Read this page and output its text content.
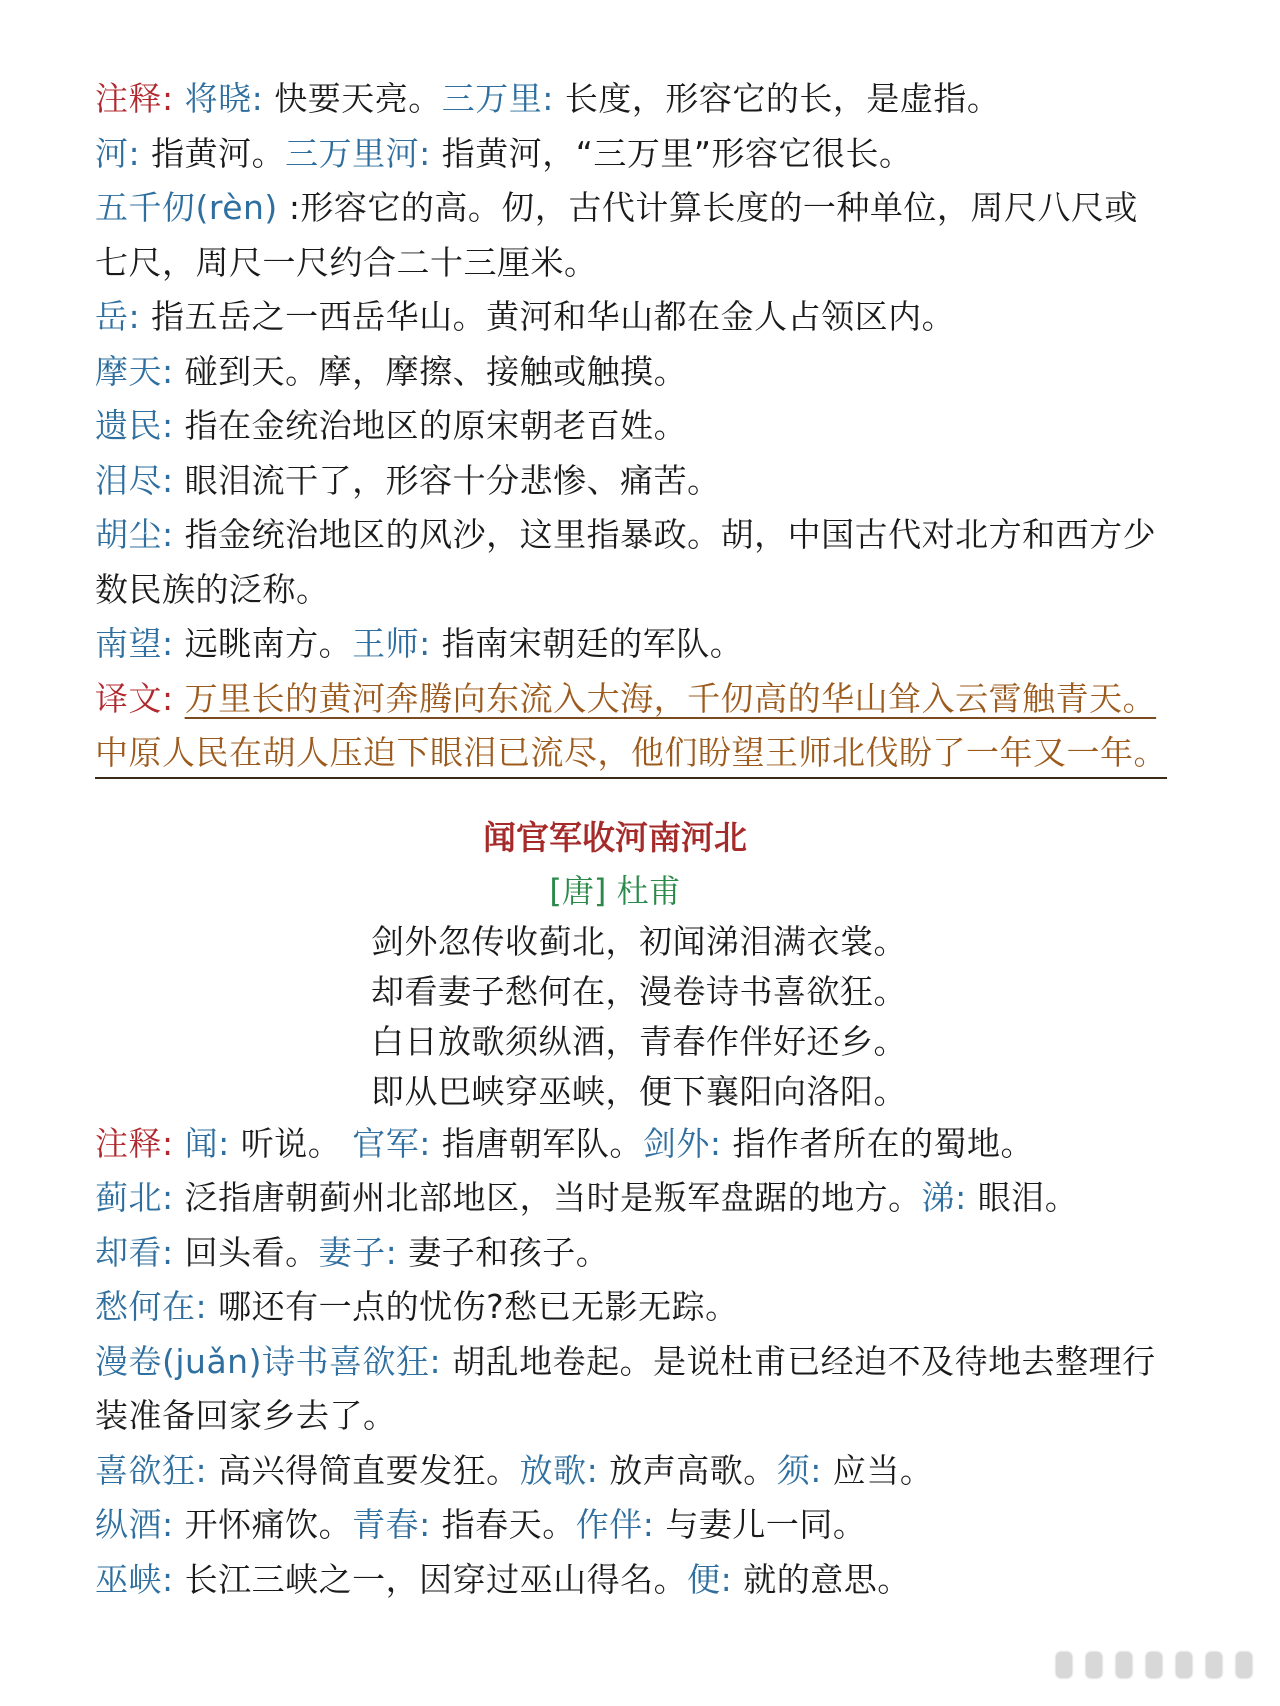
注释: 将晓: 快要天亮。三万里: 长度，形容它的长，是虚指。
河: 指黄河。三万里河: 指黄河，“三万里”形容它很长。
五千仞(rèn) :形容它的高。仞，古代计算长度的一种单位，周尺八尺或
七尺，周尺一尺约合二十三厘米。
岳: 指五岳之一西岳华山。黄河和华山都在金人占领区内。
摩天: 碰到天。摩，摩擦、接触或触摸。
遗民: 指在金统治地区的原宋朝老百姓。
泪尽: 眼泪流干了，形容十分悲惨、痛苦。
胡尘: 指金统治地区的风沙，这里指暴政。胡，中国古代对北方和西方少
数民族的泛称。
南望: 远眺南方。王师: 指南宋朝廷的军队。
译文: 万里长的黄河奔腾向东流入大海，千仞高的华山耸入云霄触青天。
中原人民在胡人压迫下眼泪已流尽，他们盼望王师北伐盼了一年又一年。
闻官军收河南河北
[唐] 杜甫
剑外忽传收蓟北，初闻涕泪满衣裳。
却看妻子愁何在，漫卷诗书喜欲狂。
白日放歌须纵酒，青春作伴好还乡。
即从巴峡穿巫峡，便下襄阳向洛阳。
注释: 闻: 听说。 官军: 指唐朝军队。剑外: 指作者所在的蜀地。
蓟北: 泛指唐朝蓟州北部地区，当时是叛军盘踞的地方。涕: 眼泪。
却看: 回头看。妻子: 妻子和孩子。
愁何在: 哪还有一点的忧伤?愁已无影无踪。
漫卷(juǎn)诗书喜欲狂: 胡乱地卷起。是说杜甫已经迫不及待地去整理行
装准备回家乡去了。
喜欲狂: 高兴得简直要发狂。放歌: 放声高歌。须: 应当。
纵酒: 开怀痛饮。青春: 指春天。作伴: 与妻儿一同。
巫峡: 长江三峡之一，因穿过巫山得名。便: 就的意思。
